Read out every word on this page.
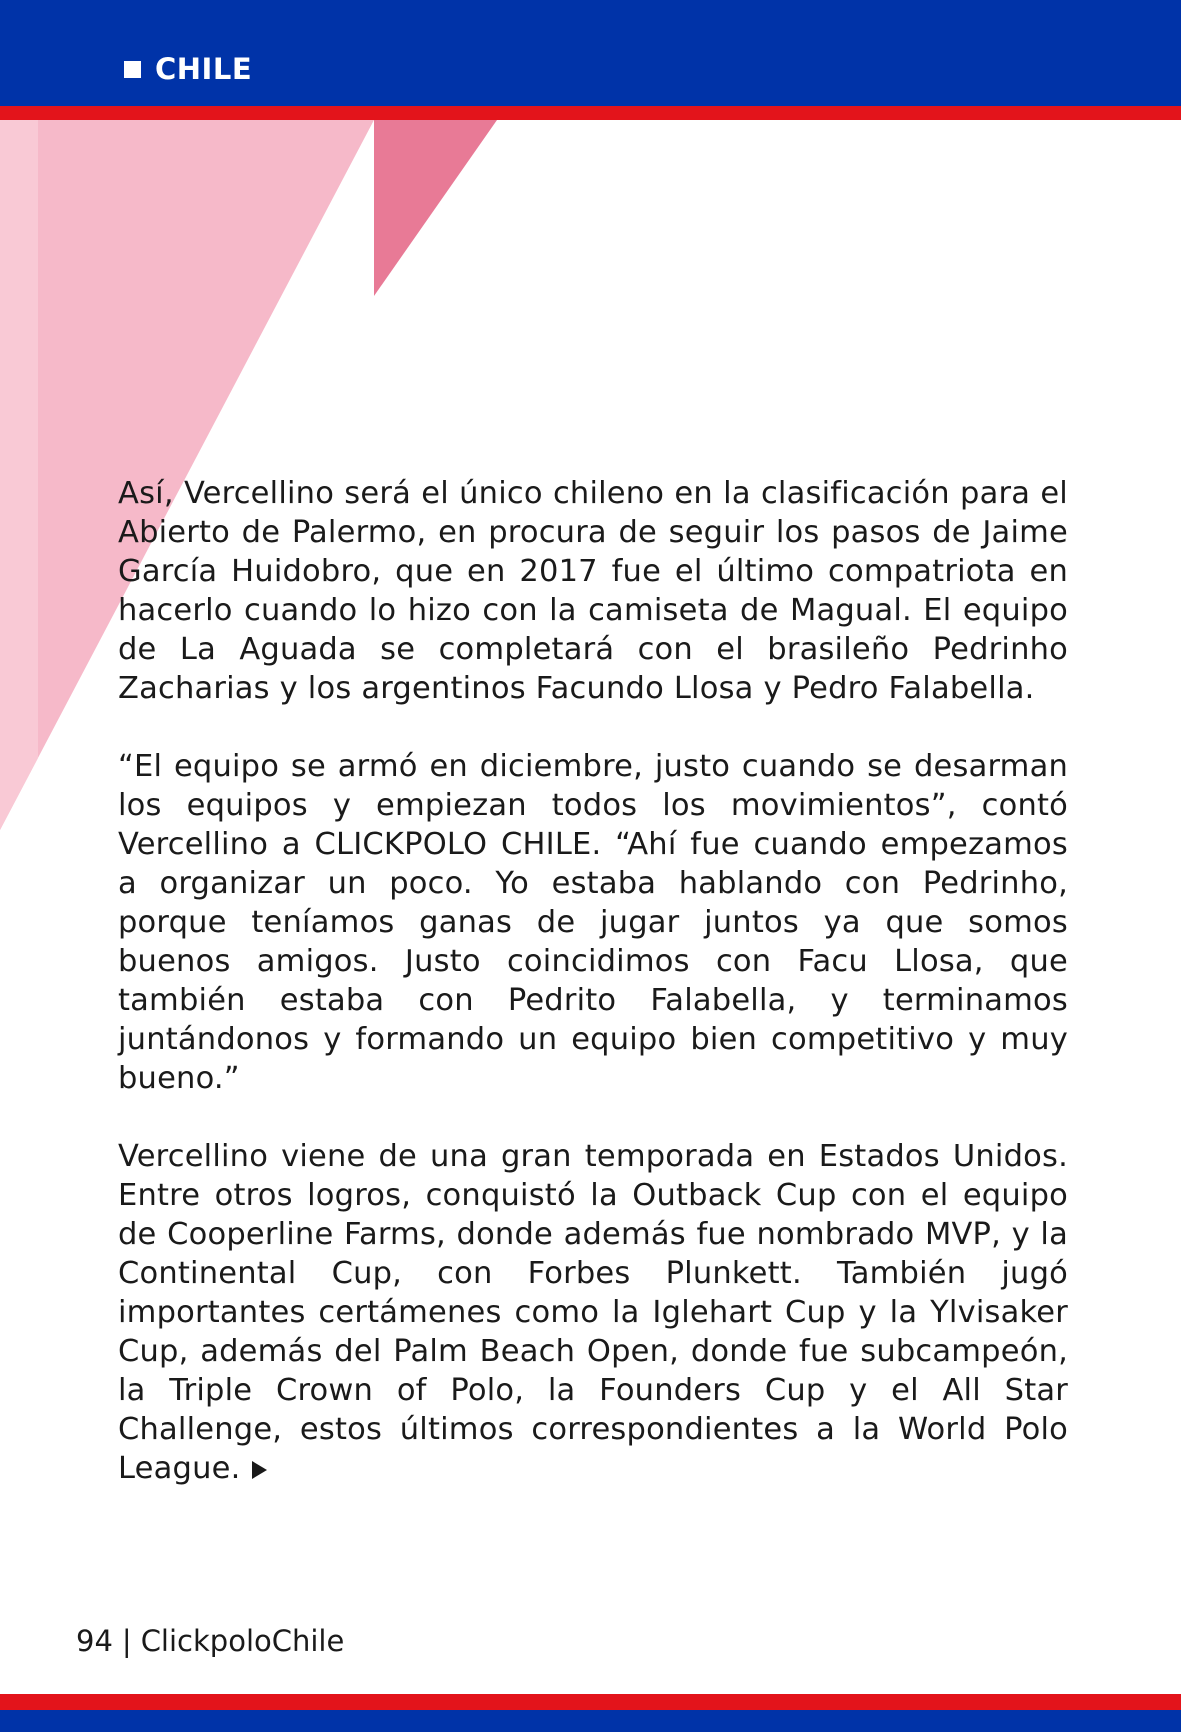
CHILE

Así, Vercellino será el único chileno en la clasificación para el Abierto de Palermo, en procura de seguir los pasos de Jaime García Huidobro, que en 2017 fue el último compatriota en hacerlo cuando lo hizo con la camiseta de Magual. El equipo de La Aguada se completará con el brasileño Pedrinho Zacharias y los argentinos Facundo Llosa y Pedro Falabella.

“El equipo se armó en diciembre, justo cuando se desarman los equipos y empiezan todos los movimientos”, contó Vercellino a CLICKPOLO CHILE. “Ahí fue cuando empezamos a organizar un poco. Yo estaba hablando con Pedrinho, porque teníamos ganas de jugar juntos ya que somos buenos amigos. Justo coincidimos con Facu Llosa, que también estaba con Pedrito Falabella, y terminamos juntándonos y formando un equipo bien competitivo y muy bueno.”

Vercellino viene de una gran temporada en Estados Unidos. Entre otros logros, conquistó la Outback Cup con el equipo de Cooperline Farms, donde además fue nombrado MVP, y la Continental Cup, con Forbes Plunkett. También jugó importantes certámenes como la Iglehart Cup y la Ylvisaker Cup, además del Palm Beach Open, donde fue subcampeón, la Triple Crown of Polo, la Founders Cup y el All Star Challenge, estos últimos correspondientes a la World Polo League.

94 | ClickpoloChile
